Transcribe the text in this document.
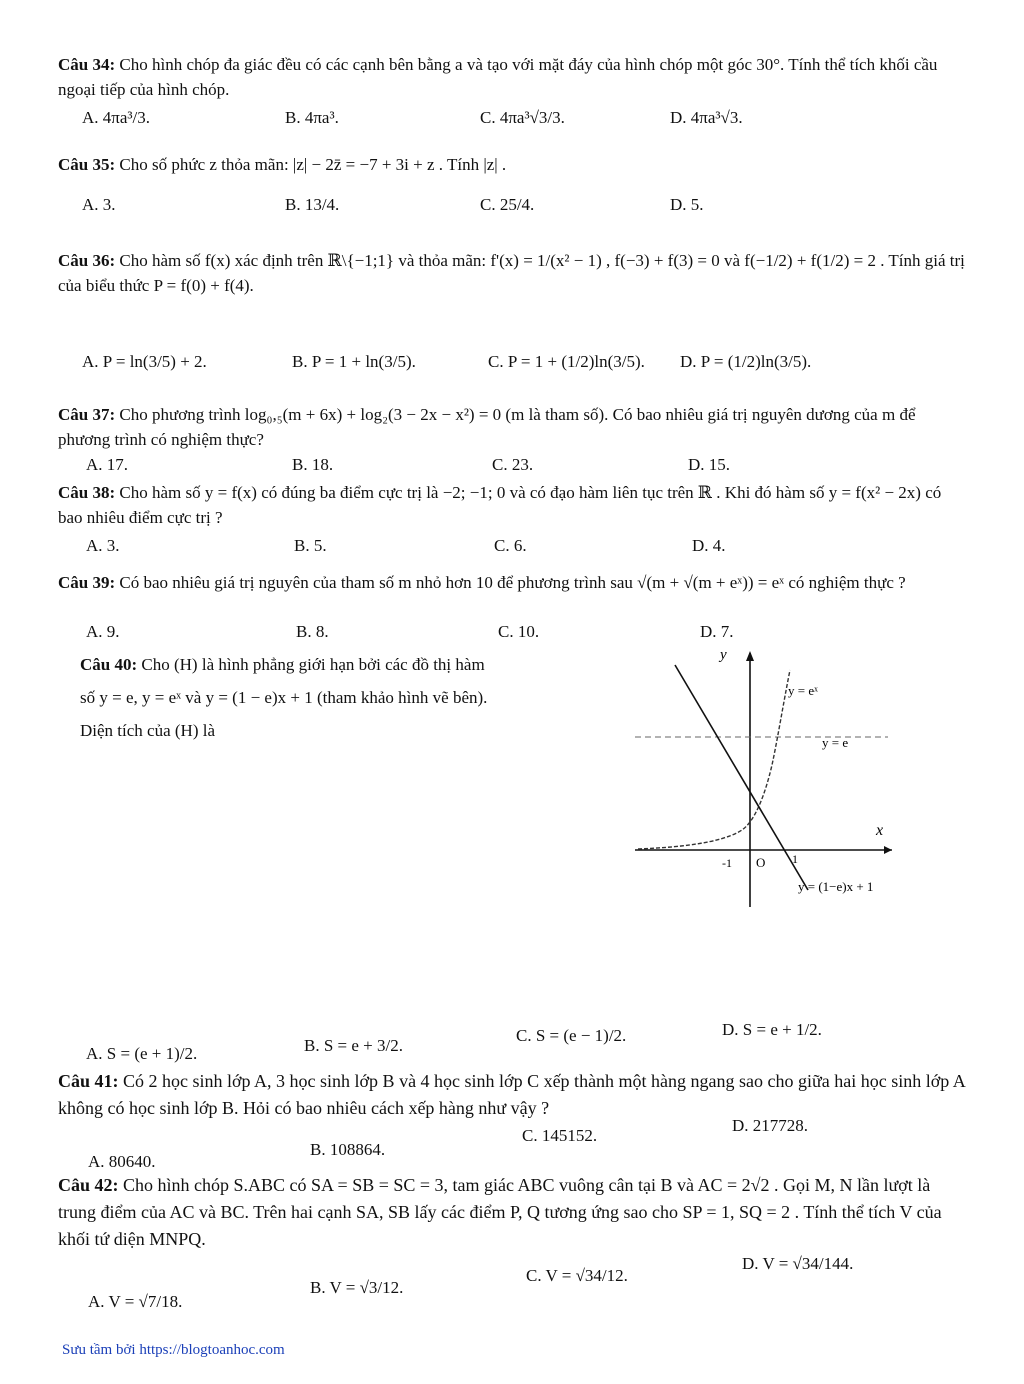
Câu 34: Cho hình chóp đa giác đều có các cạnh bên bằng a và tạo với mặt đáy của hình chóp một góc 30°. Tính thể tích khối cầu ngoại tiếp của hình chóp.
A. 4πa³/3.	B. 4πa³.	C. 4πa³√3/3.	D. 4πa³√3.
Câu 35: Cho số phức z thỏa mãn: |z| − 2z̄ = −7 + 3i + z . Tính |z| .
A. 3.	B. 13/4.	C. 25/4.	D. 5.
Câu 36: Cho hàm số f(x) xác định trên ℝ\{−1;1} và thỏa mãn: f'(x) = 1/(x² − 1) , f(−3) + f(3) = 0 và f(−1/2) + f(1/2) = 2 . Tính giá trị của biểu thức P = f(0) + f(4).
A. P = ln(3/5) + 2.	B. P = 1 + ln(3/5).	C. P = 1 + (1/2)ln(3/5). D. P = (1/2)ln(3/5).
Câu 37: Cho phương trình log₀,₅(m + 6x) + log₂(3 − 2x − x²) = 0 (m là tham số). Có bao nhiêu giá trị nguyên dương của m để phương trình có nghiệm thực?
A. 17.	B. 18.	C. 23.	D. 15.
Câu 38: Cho hàm số y = f(x) có đúng ba điểm cực trị là −2; −1; 0 và có đạo hàm liên tục trên ℝ . Khi đó hàm số y = f(x² − 2x) có bao nhiêu điểm cực trị ?
A. 3.	B. 5.	C. 6.	D. 4.
Câu 39: Có bao nhiêu giá trị nguyên của tham số m nhỏ hơn 10 để phương trình sau √(m + √(m + eˣ)) = eˣ có nghiệm thực ?
A. 9.	B. 8.	C. 10.	D. 7.
Câu 40: Cho (H) là hình phẳng giới hạn bởi các đồ thị hàm
số y = e, y = eˣ và y = (1 − e)x + 1 (tham khảo hình vẽ bên).
Diện tích của (H) là
y
x
y = eˣ
y = e
y = (1−e)x + 1
O
-1	1
A. S = (e + 1)/2.	B. S = e + 3/2.
C. S = (e − 1)/2.	D. S = e + 1/2.
Câu 41: Có 2 học sinh lớp A, 3 học sinh lớp B và 4 học sinh lớp C xếp thành một hàng ngang sao cho giữa hai học sinh lớp A không có học sinh lớp B. Hỏi có bao nhiêu cách xếp hàng như vậy ?
A. 80640.
B. 108864.
C. 145152.
D. 217728.
Câu 42: Cho hình chóp S.ABC có SA = SB = SC = 3, tam giác ABC vuông cân tại B và AC = 2√2 . Gọi M, N lần lượt là trung điểm của AC và BC. Trên hai cạnh SA, SB lấy các điểm P, Q tương ứng sao cho SP = 1, SQ = 2 . Tính thể tích V của khối tứ diện MNPQ.
A. V = √7/18.
B. V = √3/12.
C. V = √34/12.
D. V = √34/144.
Sưu tầm bởi https://blogtoanhoc.com
